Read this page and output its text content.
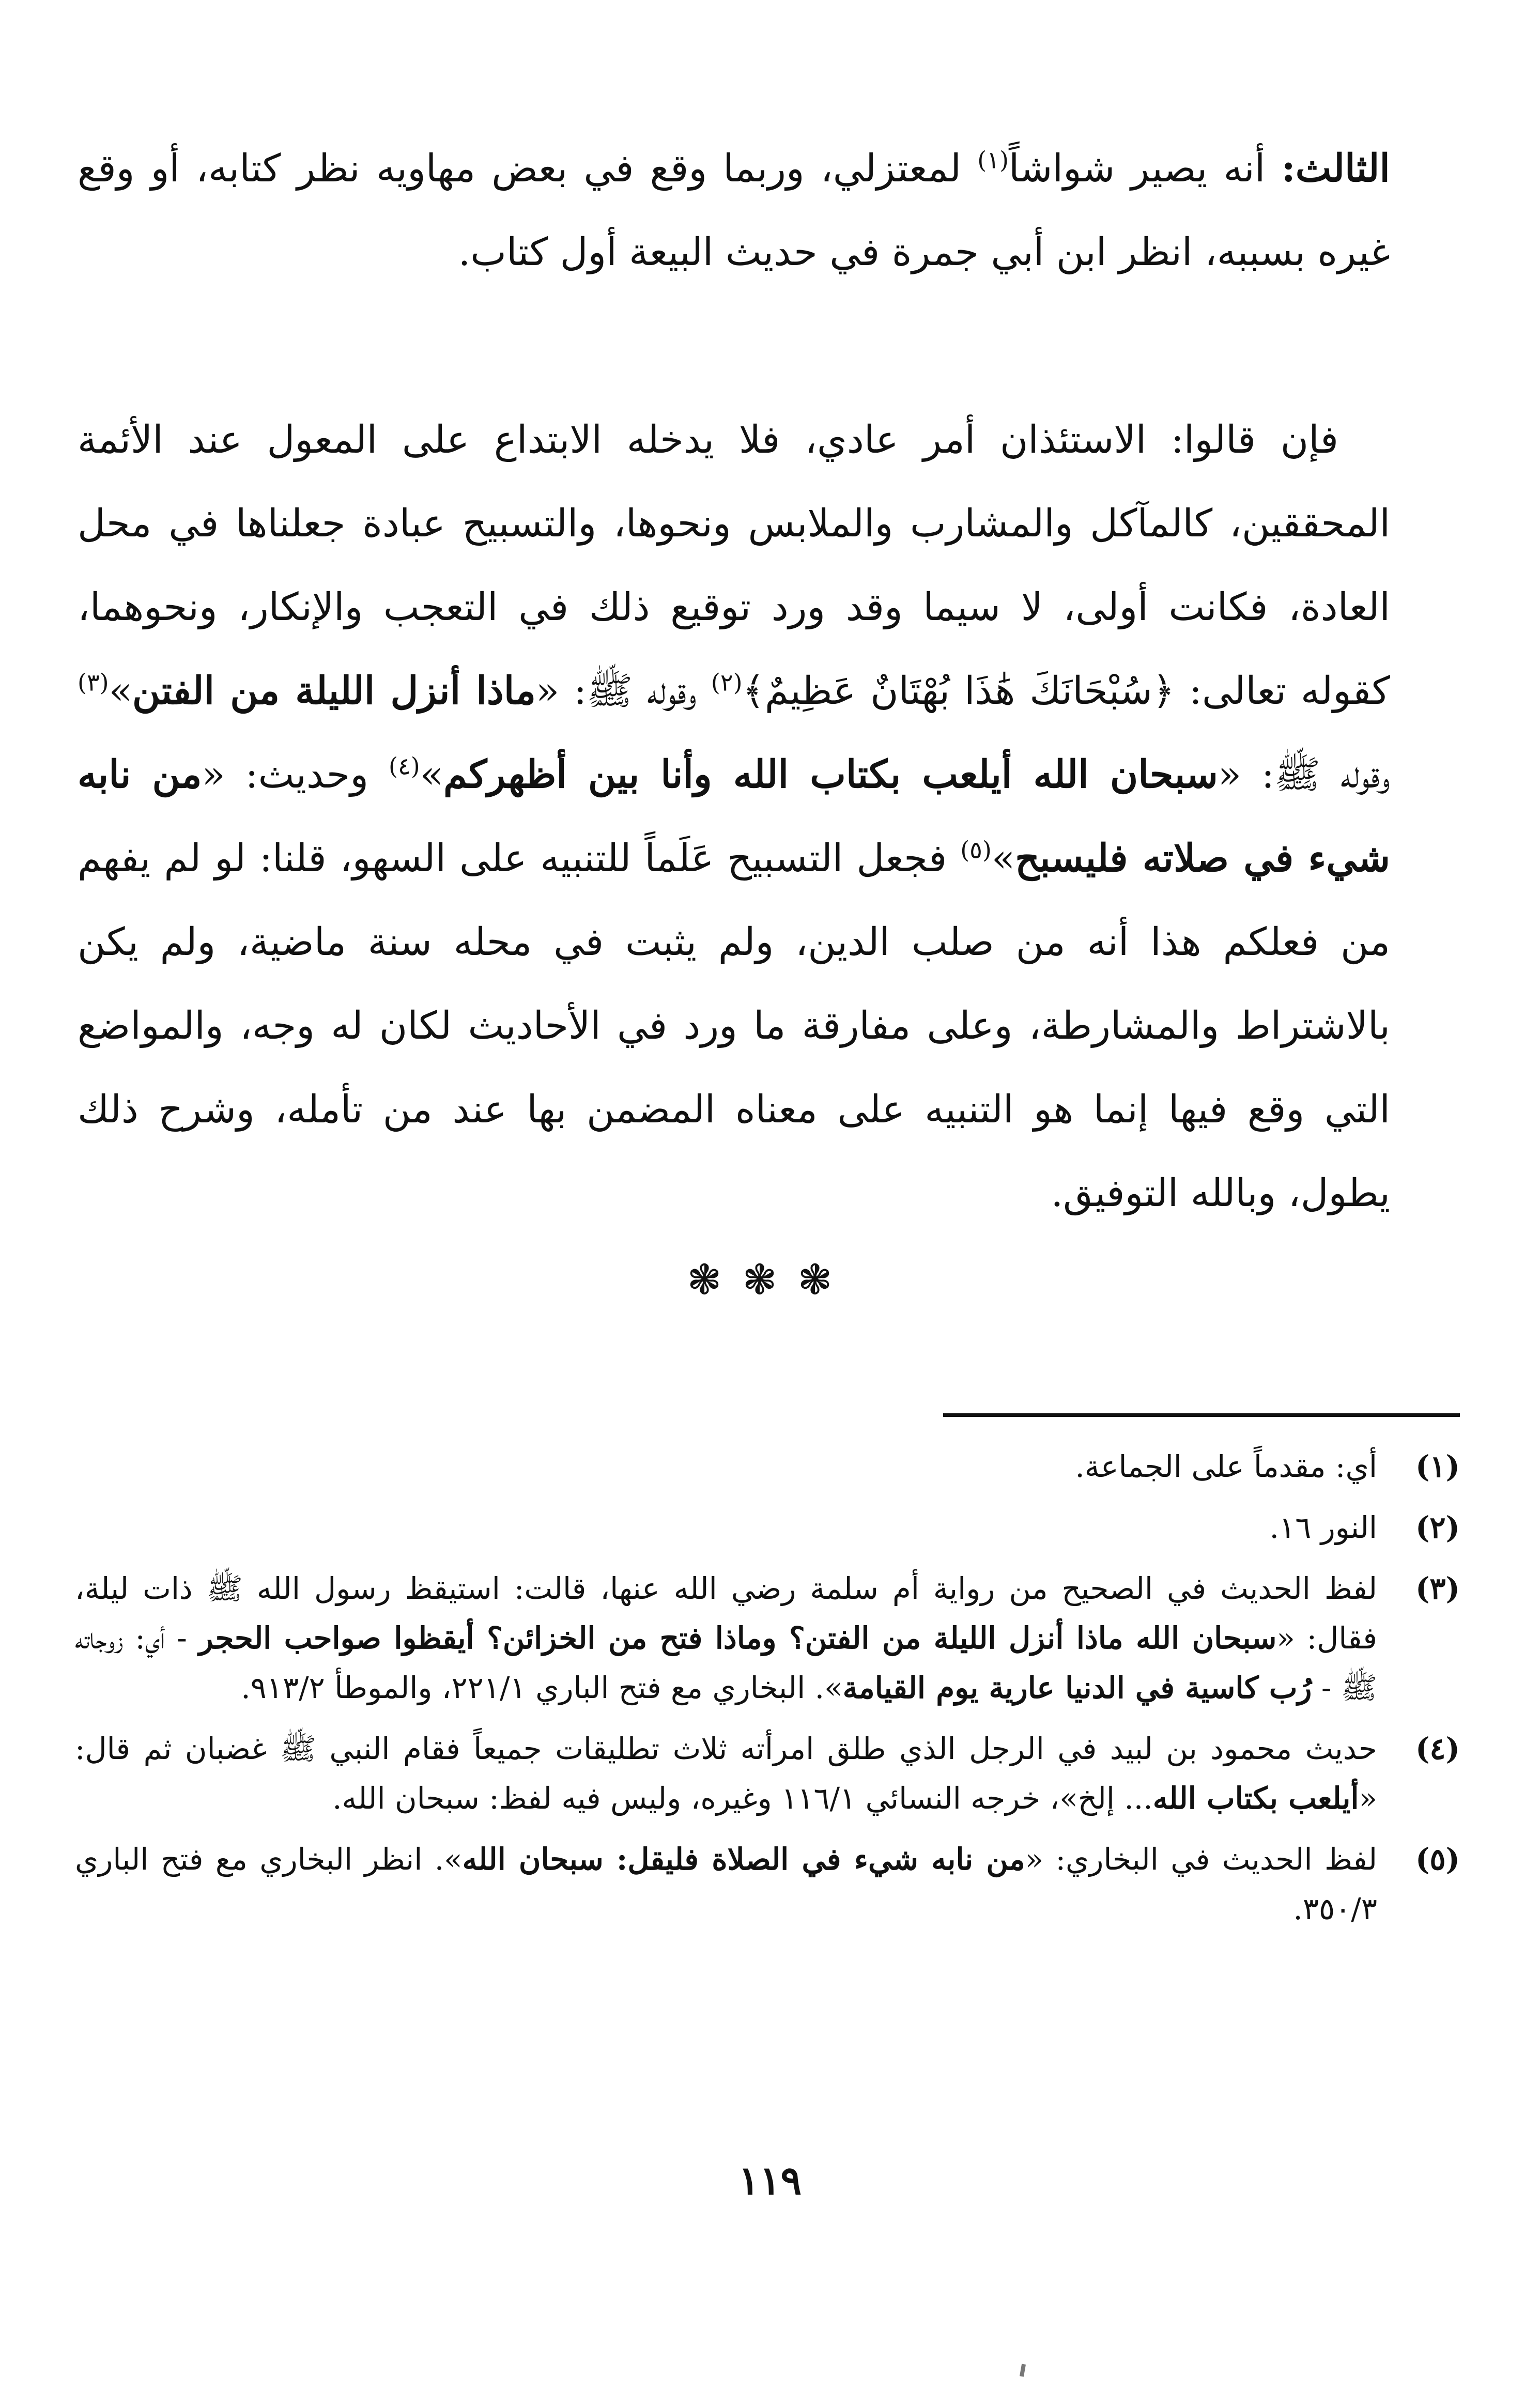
الثالث: أنه يصير شواشاً$^{(١)}$ لمعتزلي، وربما وقع في بعض مهاويه نظر كتابه، أو وقع غيره بسببه، انظر ابن أبي جمرة في حديث البيعة أول كتاب.

فإن قالوا: الاستئذان أمر عادي، فلا يدخله الابتداع على المعول عند الأئمة المحققين، كالمآكل والمشارب والملابس ونحوها، والتسبيح عبادة جعلناها في محل العادة، فكانت أولى، لا سيما وقد ورد توقيع ذلك في التعجب والإنكار، ونحوهما، كقوله تعالى: ﴿سُبْحَانَكَ هَٰذَا بُهْتَانٌ عَظِيمٌ﴾$^{(٢)}$ وقوله ﷺ: «ماذا أنزل الليلة من الفتن»$^{(٣)}$ وقوله ﷺ: «سبحان الله أيلعب بكتاب الله وأنا بين أظهركم»$^{(٤)}$ وحديث: «من نابه شيء في صلاته فليسبح»$^{(٥)}$ فجعل التسبيح عَلَماً للتنبيه على السهو، قلنا: لو لم يفهم من فعلكم هذا أنه من صلب الدين، ولم يثبت في محله سنة ماضية، ولم يكن بالاشتراط والمشارطة، وعلى مفارقة ما ورد في الأحاديث لكان له وجه، والمواضع التي وقع فيها إنما هو التنبيه على معناه المضمن بها عند من تأمله، وشرح ذلك يطول، وبالله التوفيق.

❃❃❃
(١)
أي: مقدماً على الجماعة.
(٢)
النور ١٦.
(٣)
لفظ الحديث في الصحيح من رواية أم سلمة رضي الله عنها، قالت: استيقظ رسول الله ﷺ ذات ليلة، فقال: «سبحان الله ماذا أنزل الليلة من الفتن؟ وماذا فتح من الخزائن؟ أيقظوا صواحب الحجر - أي: زوجاته ﷺ - رُب كاسية في الدنيا عارية يوم القيامة». البخاري مع فتح الباري ٢٢١/١، والموطأ ٩١٣/٢.
(٤)
حديث محمود بن لبيد في الرجل الذي طلق امرأته ثلاث تطليقات جميعاً فقام النبي ﷺ غضبان ثم قال: «أيلعب بكتاب الله... إلخ»، خرجه النسائي ١١٦/١ وغيره، وليس فيه لفظ: سبحان الله.
(٥)
لفظ الحديث في البخاري: «من نابه شيء في الصلاة فليقل: سبحان الله». انظر البخاري مع فتح الباري ٣٥٠/٣.
١١٩
